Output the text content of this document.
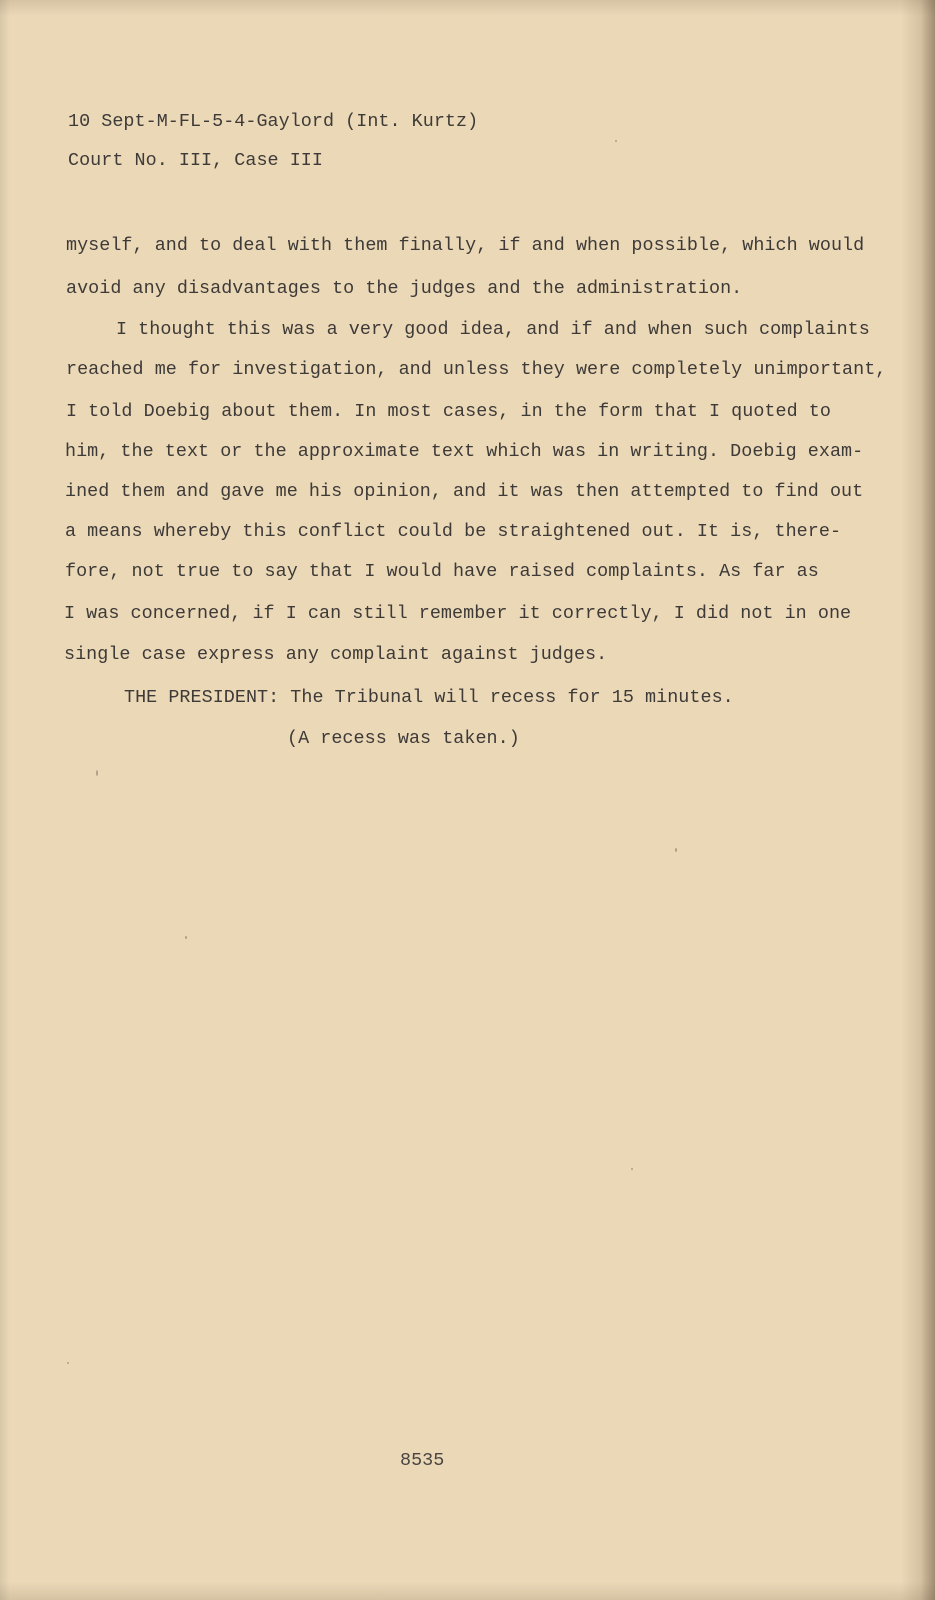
10 Sept-M-FL-5-4-Gaylord (Int. Kurtz)
Court No. III, Case III
myself, and to deal with them finally, if and when possible, which would
avoid any disadvantages to the judges and the administration.
I thought this was a very good idea, and if and when such complaints
reached me for investigation, and unless they were completely unimportant,
I told Doebig about them. In most cases, in the form that I quoted to
him, the text or the approximate text which was in writing. Doebig exam-
ined them and gave me his opinion, and it was then attempted to find out
a means whereby this conflict could be straightened out. It is, there-
fore, not true to say that I would have raised complaints. As far as
I was concerned, if I can still remember it correctly, I did not in one
single case express any complaint against judges.
THE PRESIDENT: The Tribunal will recess for 15 minutes.
(A recess was taken.)
8535
